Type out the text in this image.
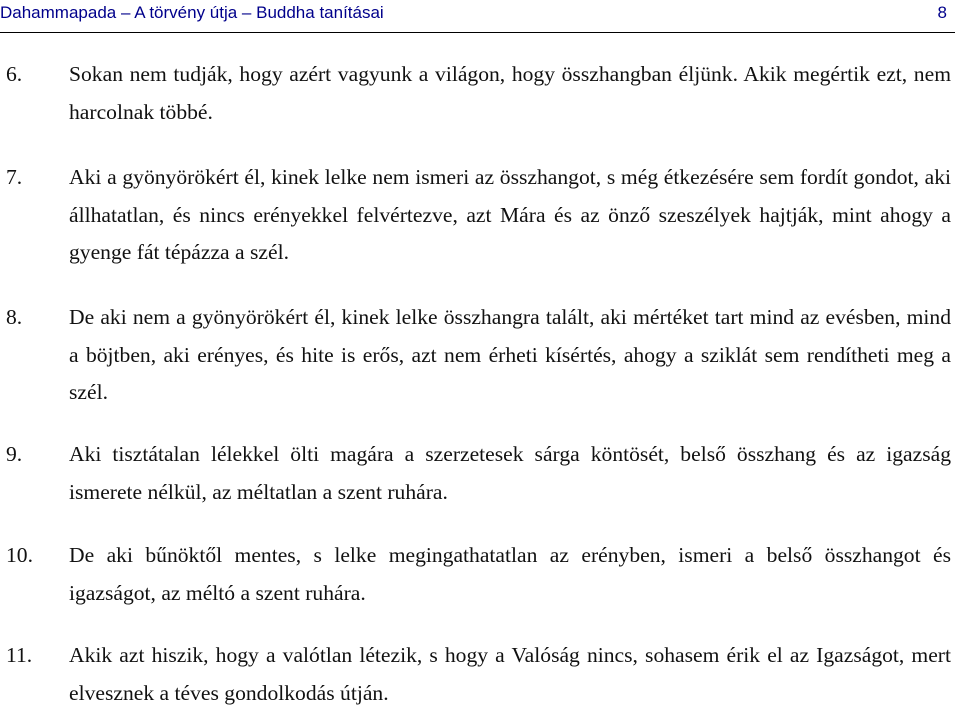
Dahammapada – A törvény útja – Buddha tanításai	8
6. Sokan nem tudják, hogy azért vagyunk a világon, hogy összhangban éljünk. Akik megértik ezt, nem harcolnak többé.
7. Aki a gyönyörökért él, kinek lelke nem ismeri az összhangot, s még étkezésére sem fordít gondot, aki állhatatlan, és nincs erényekkel felvértezve, azt Mára és az önző szeszélyek hajtják, mint ahogy a gyenge fát tépázza a szél.
8. De aki nem a gyönyörökért él, kinek lelke összhangra talált, aki mértéket tart mind az evésben, mind a böjtben, aki erényes, és hite is erős, azt nem érheti kísértés, ahogy a sziklát sem rendítheti meg a szél.
9. Aki tisztátalan lélekkel ölti magára a szerzetesek sárga köntösét, belső összhang és az igazság ismerete nélkül, az méltatlan a szent ruhára.
10. De aki bűnöktől mentes, s lelke megingathatatlan az erényben, ismeri a belső összhangot és igazságot, az méltó a szent ruhára.
11. Akik azt hiszik, hogy a valótlan létezik, s hogy a Valóság nincs, sohasem érik el az Igazságot, mert elvesznek a téves gondolkodás útján.
